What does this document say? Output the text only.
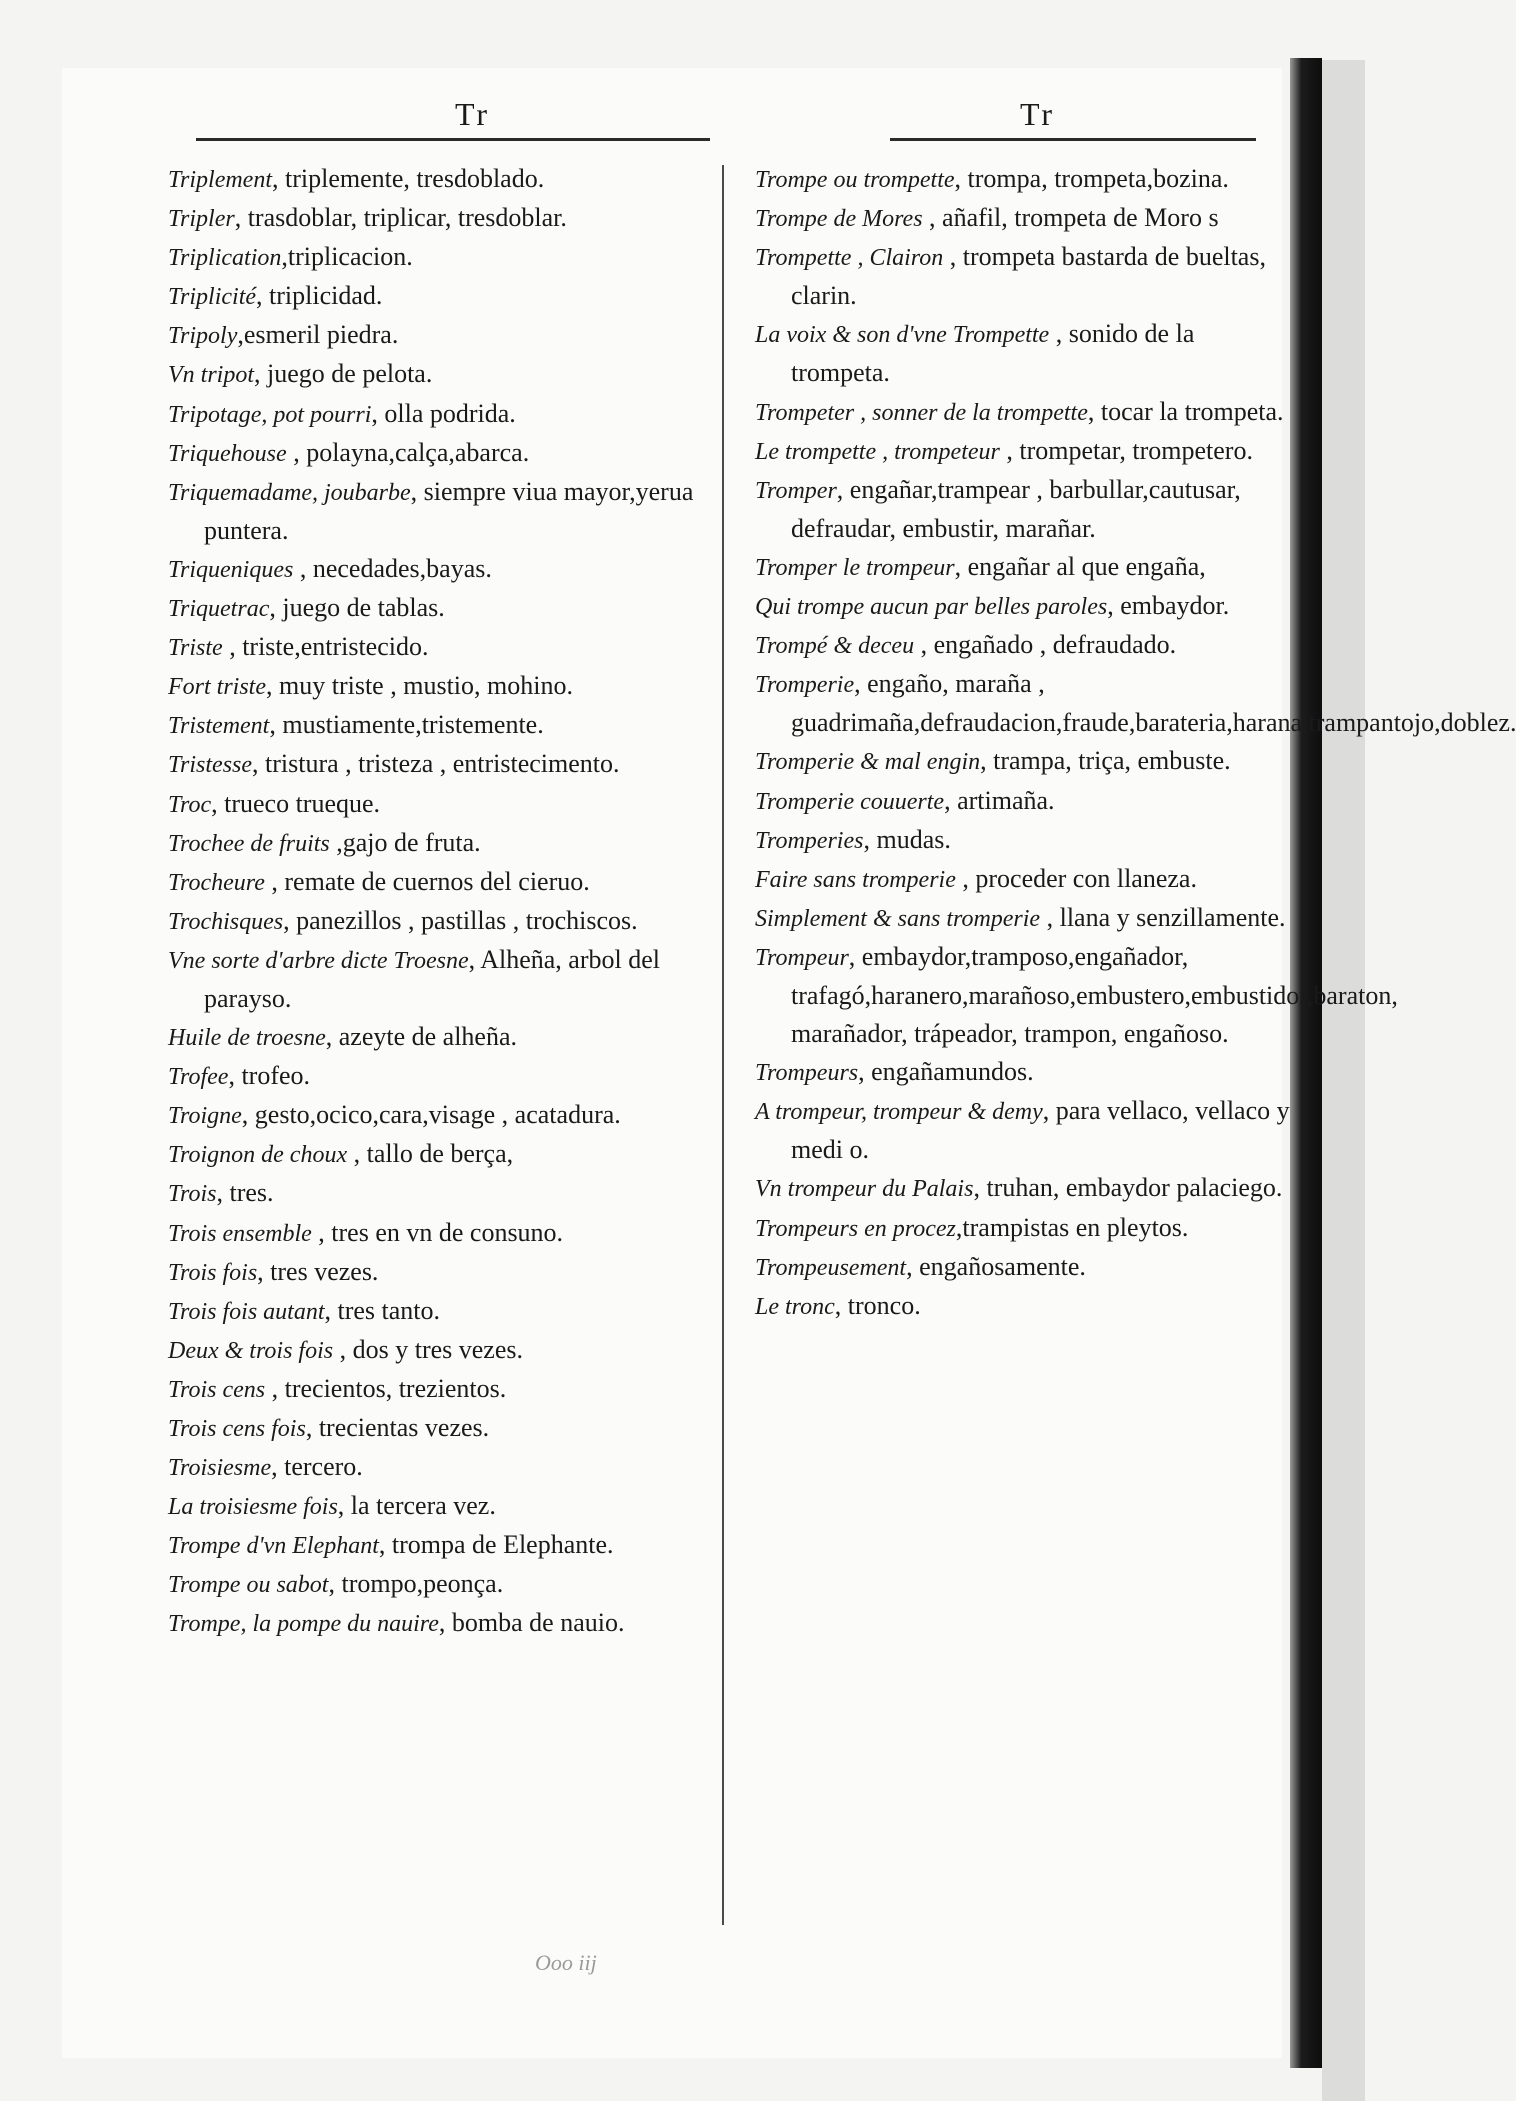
Tr	Tr

Triplement, triplemente, tresdoblado.

Tripler, trasdoblar, triplicar, tresdoblar.

Triplication,triplicacion.

Triplicité, triplicidad.

Tripoly,esmeril piedra.

Vn tripot, juego de pelota.

Tripotage, pot pourri, olla podrida.

Triquehouse , polayna,calça,abarca.

Triquemadame, joubarbe, siempre viua mayor,yerua puntera.

Triqueniques , necedades,bayas.

Triquetrac, juego de tablas.

Triste , triste,entristecido.

Fort triste, muy triste , mustio, mohino.

Tristement, mustiamente,tristemente.

Tristesse, tristura , tristeza , entristecimento.

Troc, trueco trueque.

Trochee de fruits ,gajo de fruta.

Trocheure , remate de cuernos del cieruo.

Trochisques, panezillos , pastillas , trochiscos.

Vne sorte d'arbre dicte Troesne, Alheña, arbol del parayso.

Huile de troesne, azeyte de alheña.

Trofee, trofeo.

Troigne, gesto,ocico,cara,visage , acatadura.

Troignon de choux , tallo de berça,

Trois, tres.

Trois ensemble , tres en vn de consuno.

Trois fois, tres vezes.

Trois fois autant, tres tanto.

Deux & trois fois , dos y tres vezes.

Trois cens , trecientos, trezientos.

Trois cens fois, trecientas vezes.

Troisiesme, tercero.

La troisiesme fois, la tercera vez.

Trompe d'vn Elephant, trompa de Elephante.

Trompe ou sabot, trompo,peonça.

Trompe, la pompe du nauire, bomba de nauio.

Trompe ou trompette, trompa, trompeta,bozina.

Trompe de Mores , añafil, trompeta de Moro s

Trompette , Clairon , trompeta bastarda de bueltas, clarin.

La voix & son d'vne Trompette , sonido de la trompeta.

Trompeter , sonner de la trompette, tocar la trompeta.

Le trompette , trompeteur , trompetar, trompetero.

Tromper, engañar,trampear , barbullar,cautusar, defraudar, embustir, marañar.

Tromper le trompeur, engañar al que engaña,

Qui trompe aucun par belles paroles, embaydor.

Trompé & deceu , engañado , defraudado.

Tromperie, engaño, maraña , guadrimaña,defraudacion,fraude,barateria,harana,trampantojo,doblez.

Tromperie & mal engin, trampa, triça, embuste.

Tromperie couuerte, artimaña.

Tromperies, mudas.

Faire sans tromperie , proceder con llaneza.

Simplement & sans tromperie , llana y senzillamente.

Trompeur, embaydor,tramposo,engañador, trafagó,haranero,marañoso,embustero,embustidor,baraton, marañador, trápeador, trampon, engañoso.

Trompeurs, engañamundos.

A trompeur, trompeur & demy, para vellaco, vellaco y medi o.

Vn trompeur du Palais, truhan, embaydor palaciego.

Trompeurs en procez,trampistas en pleytos.

Trompeusement, engañosamente.

Le tronc, tronco.

Ooo iij
